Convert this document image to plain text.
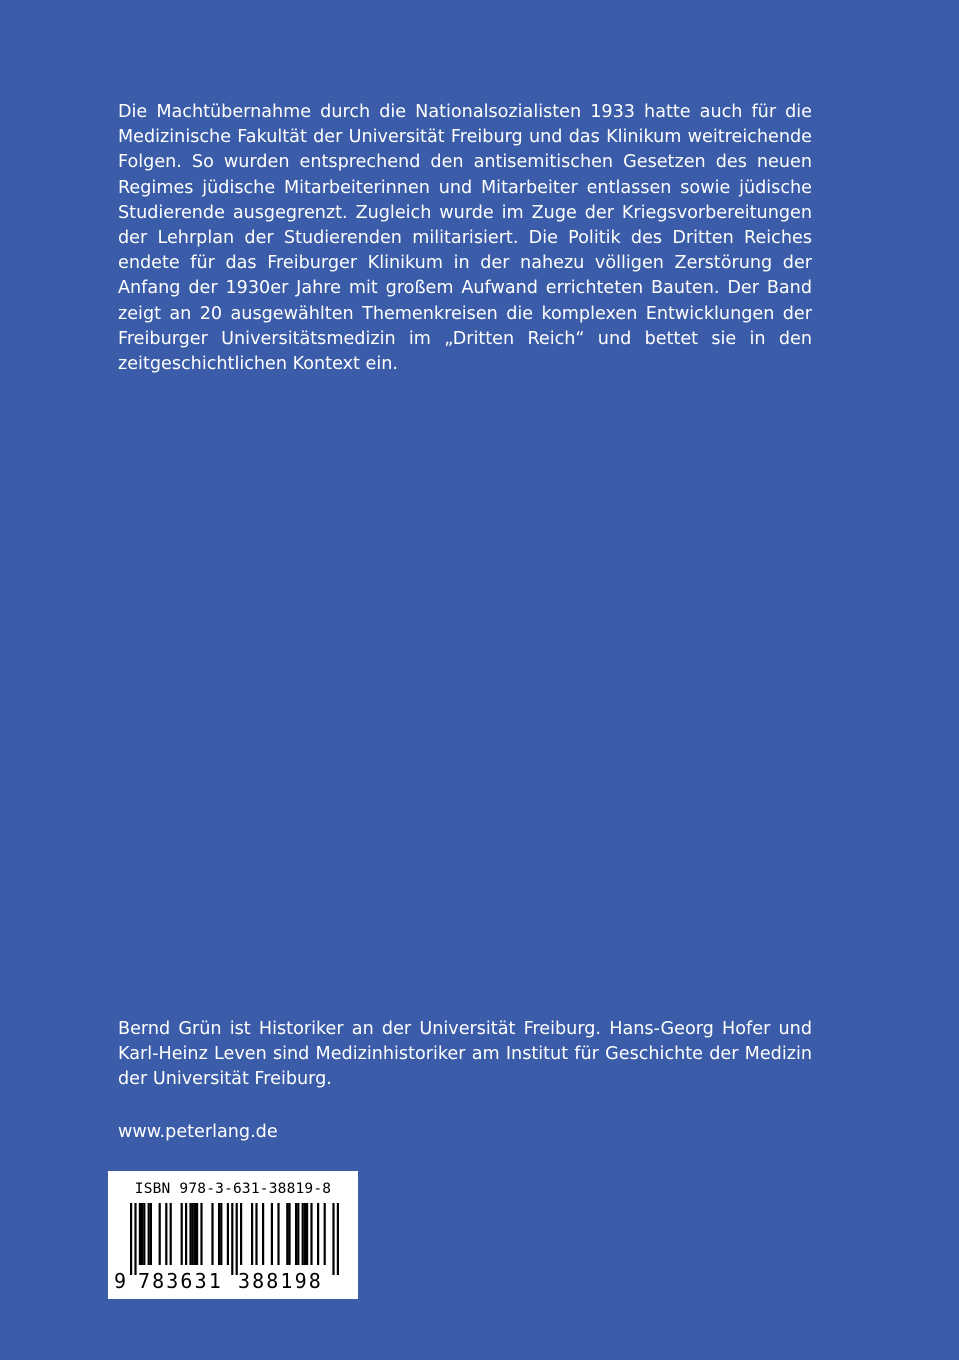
Die Machtübernahme durch die Nationalsozialisten 1933 hatte auch für die Medizinische Fakultät der Universität Freiburg und das Klinikum weitreichende Folgen. So wurden entsprechend den antisemitischen Gesetzen des neuen Regimes jüdische Mitarbeiterinnen und Mitarbeiter entlassen sowie jüdische Studierende ausgegrenzt. Zugleich wurde im Zuge der Kriegsvorbereitungen der Lehrplan der Studierenden militarisiert. Die Politik des Dritten Reiches endete für das Freiburger Klinikum in der nahezu völligen Zerstörung der Anfang der 1930er Jahre mit großem Aufwand errichteten Bauten. Der Band zeigt an 20 ausgewählten Themenkreisen die komplexen Entwicklungen der Freiburger Universitätsmedizin im „Dritten Reich“ und bettet sie in den zeitgeschichtlichen Kontext ein.

Bernd Grün ist Historiker an der Universität Freiburg. Hans-Georg Hofer und Karl-Heinz Leven sind Medizinhistoriker am Institut für Geschichte der Medizin der Universität Freiburg.

www.peterlang.de

ISBN 978-3-631-38819-8
9 783631 388198
